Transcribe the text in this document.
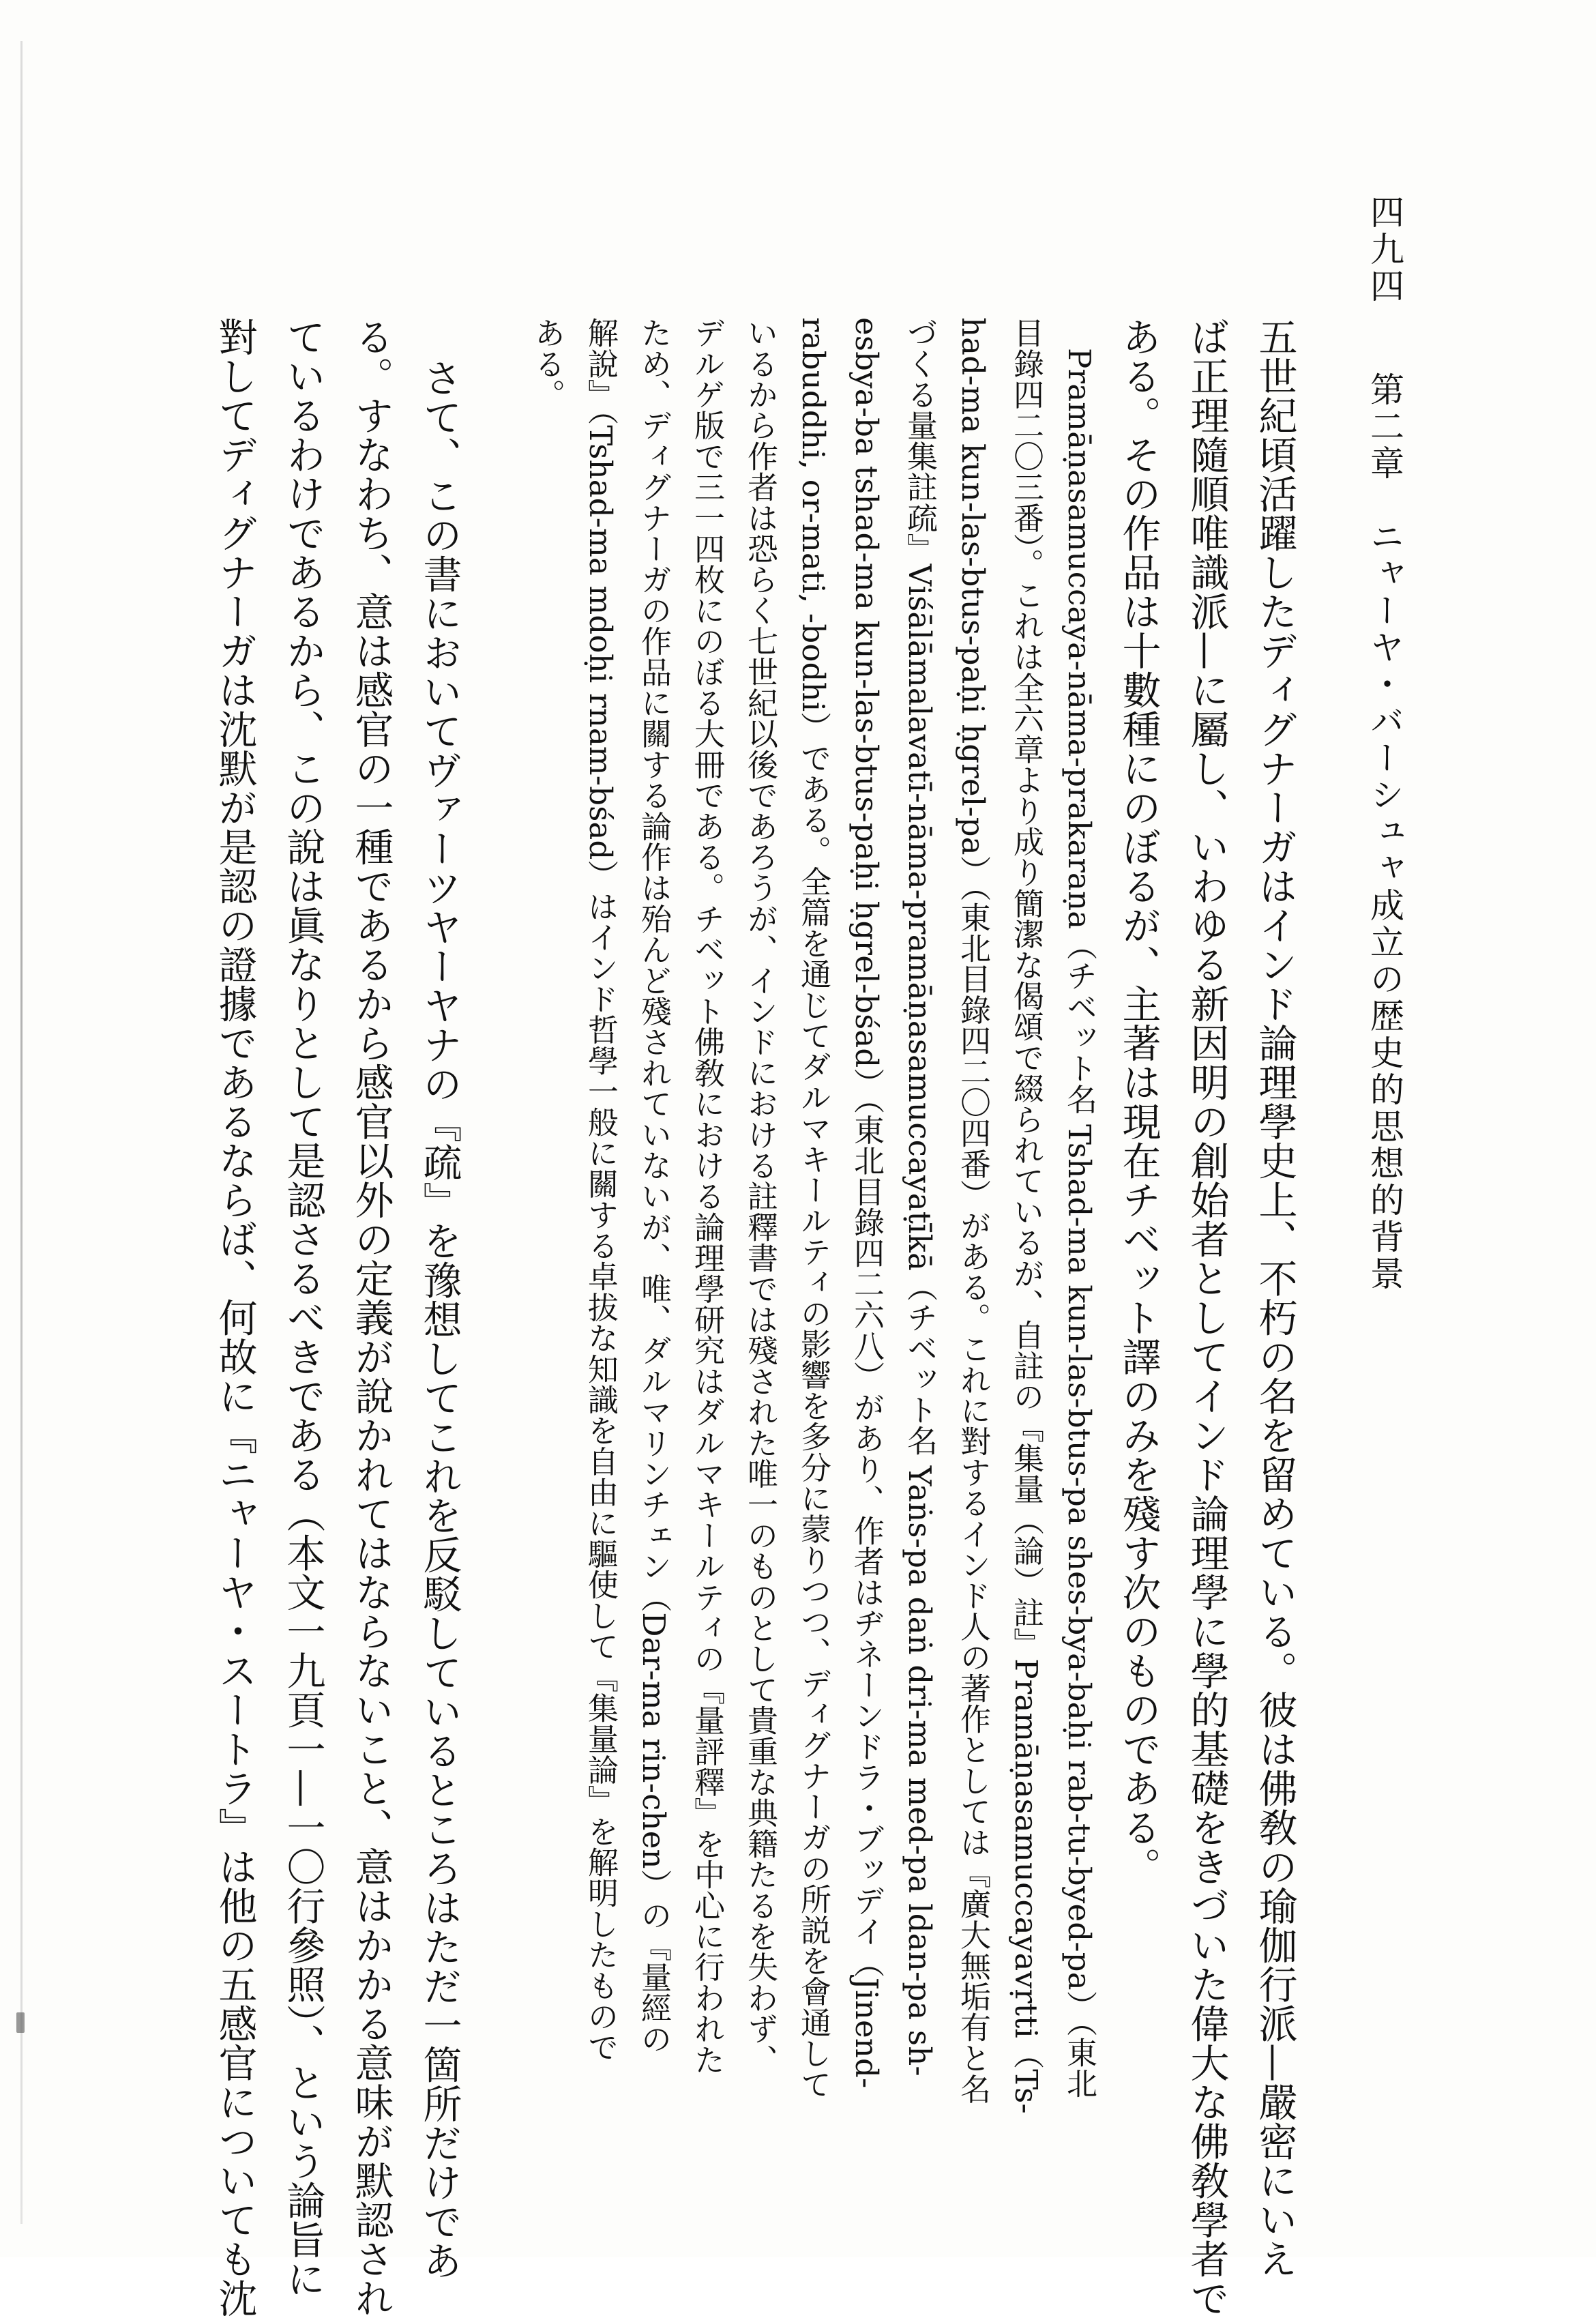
四九四
第二章　ニャーヤ・バーシュャ成立の歴史的思想的背景
五世紀頃活躍したディグナーガはインド論理學史上、不朽の名を留めている。彼は佛敎の瑜伽行派—嚴密にいえ
ば正理隨順唯識派—に屬し、いわゆる新因明の創始者としてインド論理學に學的基礎をきづいた偉大な佛敎學者で
ある。その作品は十數種にのぼるが、主著は現在チベット譯のみを殘す次のものである。
Pramāṇasamuccaya-nāma-prakaraṇa（チベット名 Tshad-ma kun-las-btus-pa shes-bya-baḥi rab-tu-byed-pa）（東北
目錄四二〇三番）。これは全六章より成り簡潔な偈頌で綴られているが、自註の『集量（論）註』Pramāṇasamuccayavṛtti（Ts-
had-ma kun-las-btus-paḥi ḥgrel-pa）（東北目錄四二〇四番）がある。これに對するインド人の著作としては『廣大無垢有と名
づくる量集註疏』Viśālāmalavatī-nāma-pramāṇasamuccayaṭīkā（チベット名 Yaṅs-pa daṅ dri-ma med-pa ldan-pa sh-
esbya-ba tshad-ma kun-las-btus-paḥi ḥgrel-bśad）（東北目錄四二六八）があり、作者はヂネーンドラ・ブッデイ（Jinend-
rabuddhi, or-mati, -bodhi）である。全篇を通じてダルマキールティの影響を多分に蒙りつつ、ディグナーガの所説を會通して
いるから作者は恐らく七世紀以後であろうが、インドにおける註釋書では殘された唯一のものとして貴重な典籍たるを失わず、
デルゲ版で三一四枚にのぼる大冊である。チベット佛敎における論理學研究はダルマキールティの『量評釋』を中心に行われた
ため、ディグナーガの作品に關する論作は殆んど殘されていないが、唯、ダルマリンチェン（Dar-ma rin-chen）の『量經の
解說』（Tshad-ma mdoḥi rnam-bśad）はインド哲學一般に關する卓拔な知識を自由に驅使して『集量論』を解明したもので
ある。
さて、この書においてヴァーツヤーヤナの『疏』を豫想してこれを反駁しているところはただ一箇所だけであ
る。すなわち、意は感官の一種であるから感官以外の定義が說かれてはならないこと、意はかかる意味が默認され
ているわけであるから、この說は眞なりとして是認さるべきである（本文一九頁一—一〇行參照）、という論旨に
對してディグナーガは沈默が是認の證據であるならば、何故に『ニャーヤ・スートラ』は他の五感官についても沈
